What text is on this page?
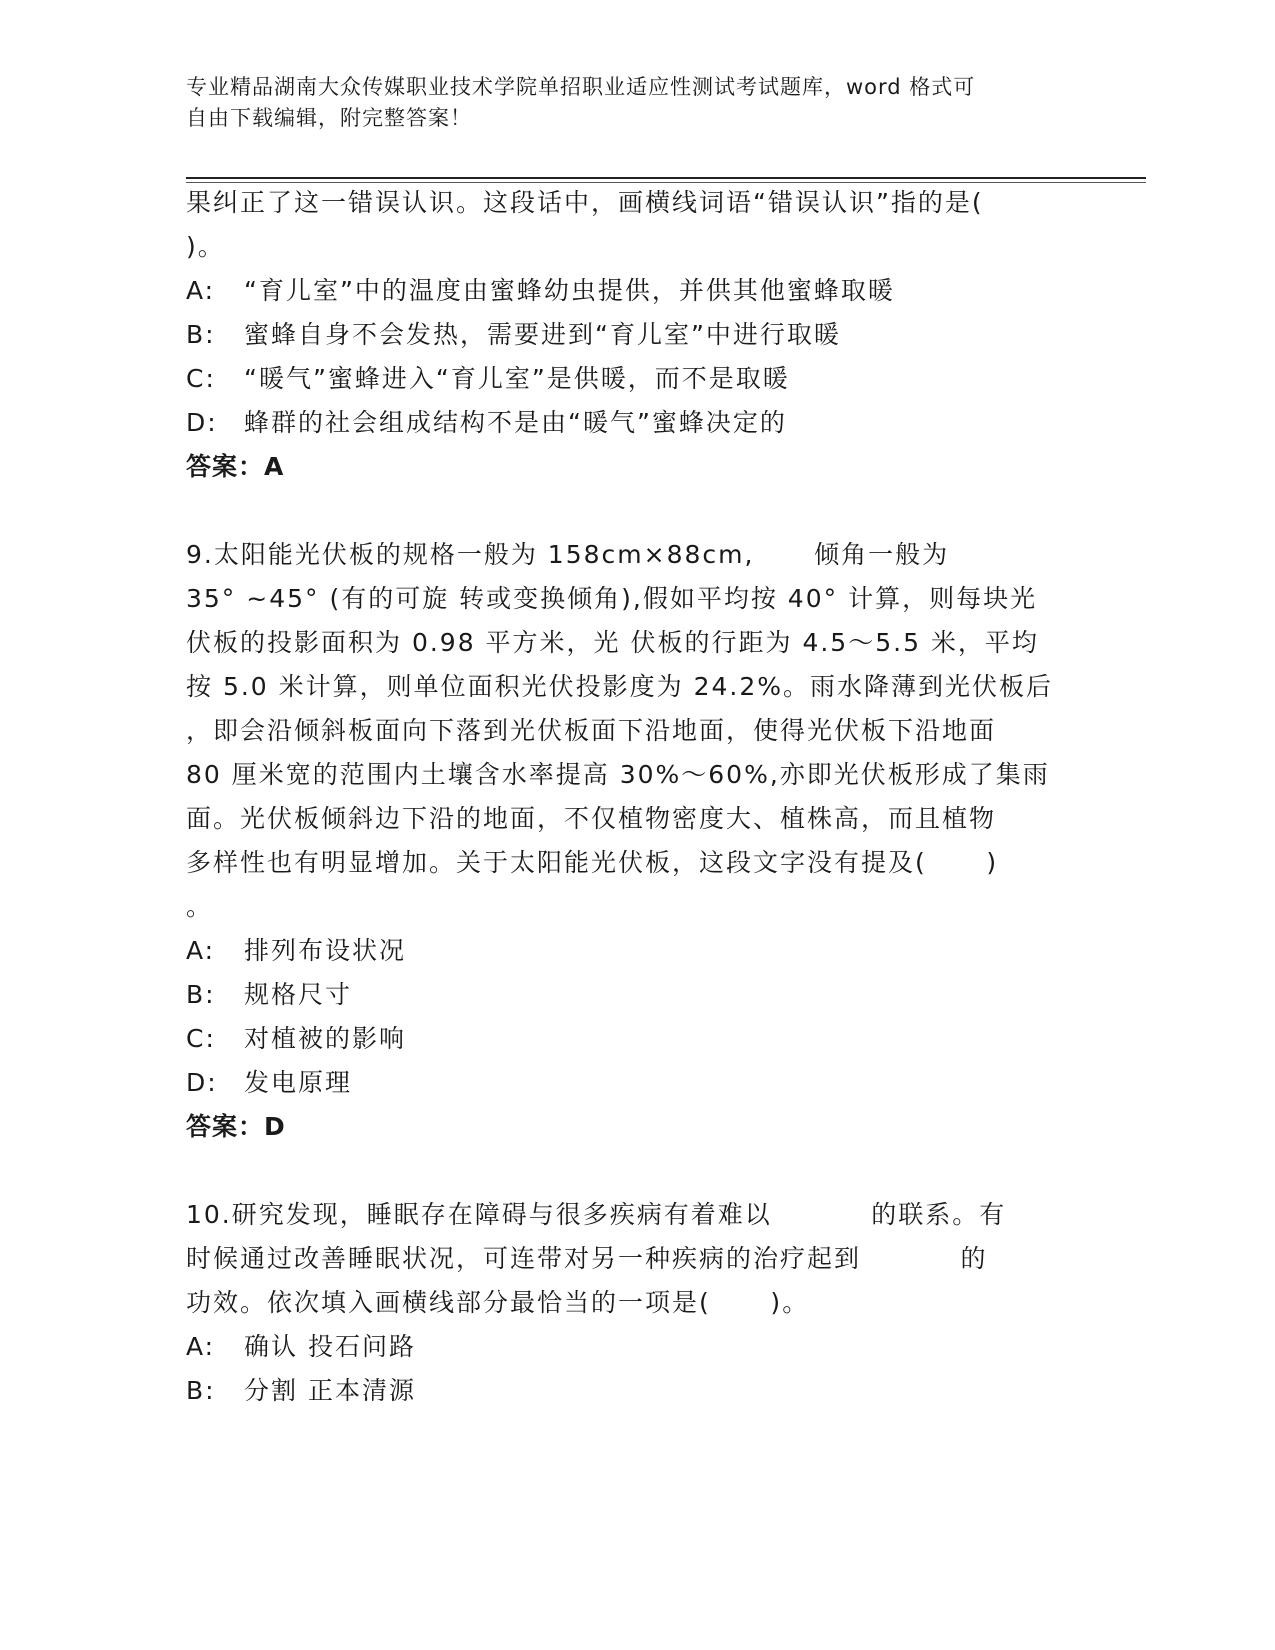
专业精品湖南大众传媒职业技术学院单招职业适应性测试考试题库，word 格式可
自由下载编辑，附完整答案！
果纠正了这一错误认识。这段话中，画横线词语“错误认识”指的是(
)。
A: “育儿室”中的温度由蜜蜂幼虫提供，并供其他蜜蜂取暖
B: 蜜蜂自身不会发热，需要进到“育儿室”中进行取暖
C: “暖气”蜜蜂进入“育儿室”是供暖，而不是取暖
D: 蜂群的社会组成结构不是由“暖气”蜜蜂决定的
答案：A
9.太阳能光伏板的规格一般为 158cm×88cm,      倾角一般为
35° ~45° (有的可旋 转或变换倾角),假如平均按 40° 计算，则每块光
伏板的投影面积为 0.98 平方米，光 伏板的行距为 4.5～5.5 米，平均
按 5.0 米计算，则单位面积光伏投影度为 24.2%。雨水降薄到光伏板后
，即会沿倾斜板面向下落到光伏板面下沿地面，使得光伏板下沿地面
80 厘米宽的范围内土壤含水率提高 30%～60%,亦即光伏板形成了集雨
面。光伏板倾斜边下沿的地面，不仅植物密度大、植株高，而且植物
多样性也有明显增加。关于太阳能光伏板，这段文字没有提及(      )
。
A: 排列布设状况
B: 规格尺寸
C: 对植被的影响
D: 发电原理
答案：D
10.研究发现，睡眠存在障碍与很多疾病有着难以          的联系。有
时候通过改善睡眠状况，可连带对另一种疾病的治疗起到          的
功效。依次填入画横线部分最恰当的一项是(      )。
A: 确认 投石问路
B: 分割 正本清源
